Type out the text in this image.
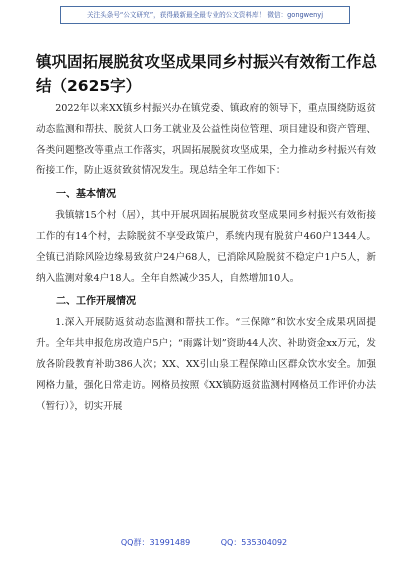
关注头条号“公文研究”，获得最新最全最专业的公文资料库！ 微信：gongwenyj
镇巩固拓展脱贫攻坚成果同乡村振兴有效衔工作总结（2625字）

2022年以来XX镇乡村振兴办在镇党委、镇政府的领导下，重点围绕防返贫动态监测和帮扶、脱贫人口务工就业及公益性岗位管理、项目建设和资产管理、各类问题整改等重点工作落实，巩固拓展脱贫攻坚成果，全力推动乡村振兴有效衔接工作，防止返贫致贫情况发生。现总结全年工作如下：

一、基本情况

我镇辖15个村（居），其中开展巩固拓展脱贫攻坚成果同乡村振兴有效衔接工作的有14个村，去除脱贫不享受政策户，系统内现有脱贫户460户1344人。全镇已消除风险边缘易致贫户24户68人，已消除风险脱贫不稳定户1户5人，新纳入监测对象4户18人。全年自然减少35人，自然增加10人。

二、工作开展情况

1.深入开展防返贫动态监测和帮扶工作。“三保障”和饮水安全成果巩固提升。全年共申报危房改造户5户；“雨露计划”资助44人次、补助资金xx万元，发放各阶段教育补助386人次；XX、XX引山泉工程保障山区群众饮水安全。加强网格力量，强化日常走访。网格员按照《XX镇防返贫监测村网格员工作评价办法（暂行）》，切实开展

QQ群：31991489	QQ：535304092
